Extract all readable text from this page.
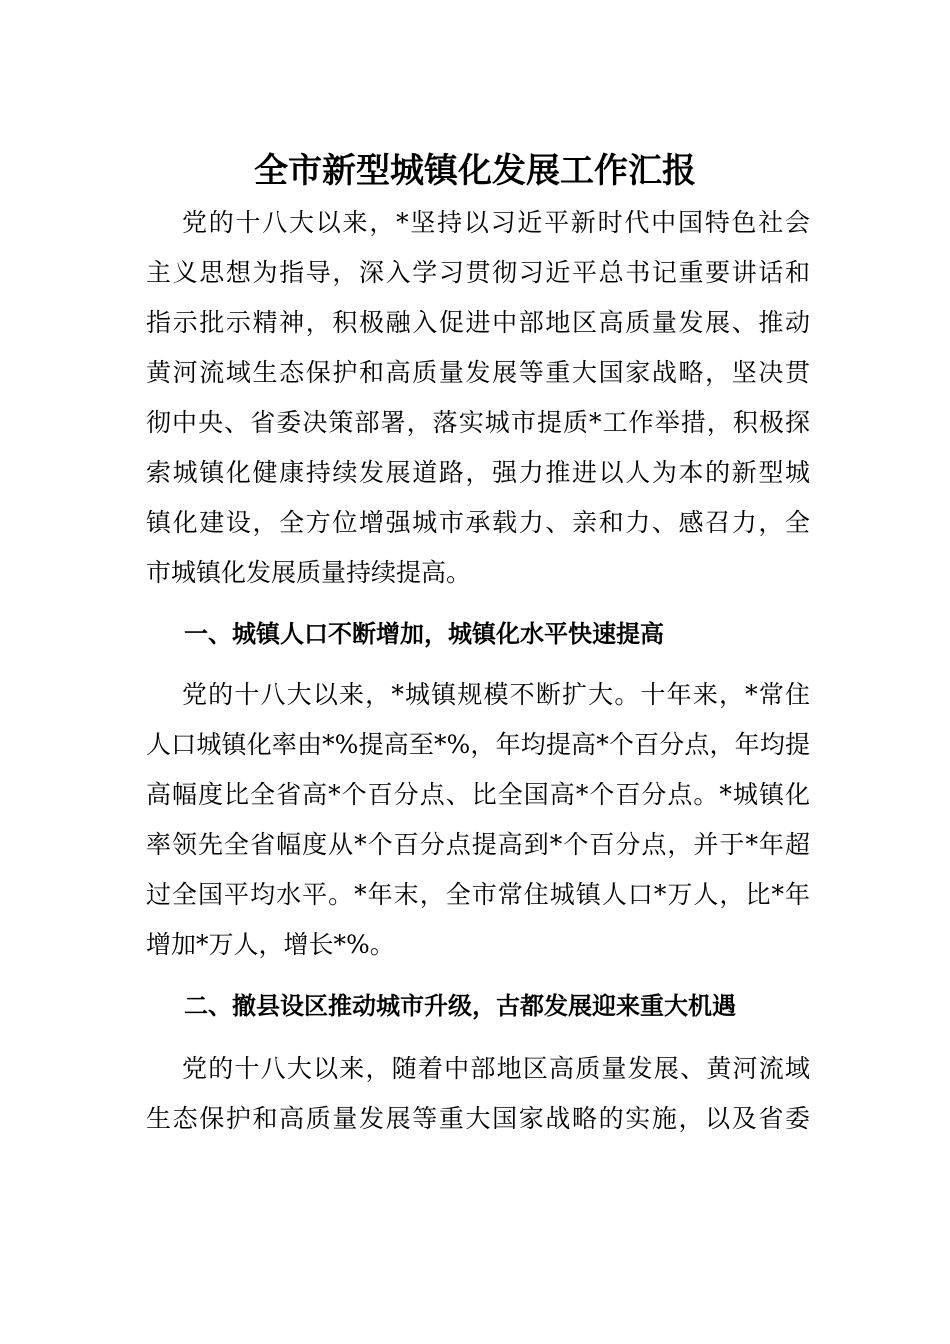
全市新型城镇化发展工作汇报

党的十八大以来，*坚持以习近平新时代中国特色社会

主义思想为指导，深入学习贯彻习近平总书记重要讲话和

指示批示精神，积极融入促进中部地区高质量发展、推动

黄河流域生态保护和高质量发展等重大国家战略，坚决贯

彻中央、省委决策部署，落实城市提质*工作举措，积极探

索城镇化健康持续发展道路，强力推进以人为本的新型城

镇化建设，全方位增强城市承载力、亲和力、感召力，全

市城镇化发展质量持续提高。

一、城镇人口不断增加，城镇化水平快速提高

党的十八大以来，*城镇规模不断扩大。十年来，*常住

人口城镇化率由*%提高至*%，年均提高*个百分点，年均提

高幅度比全省高*个百分点、比全国高*个百分点。*城镇化

率领先全省幅度从*个百分点提高到*个百分点，并于*年超

过全国平均水平。*年末，全市常住城镇人口*万人，比*年

增加*万人，增长*%。

二、撤县设区推动城市升级，古都发展迎来重大机遇

党的十八大以来，随着中部地区高质量发展、黄河流域

生态保护和高质量发展等重大国家战略的实施，以及省委
